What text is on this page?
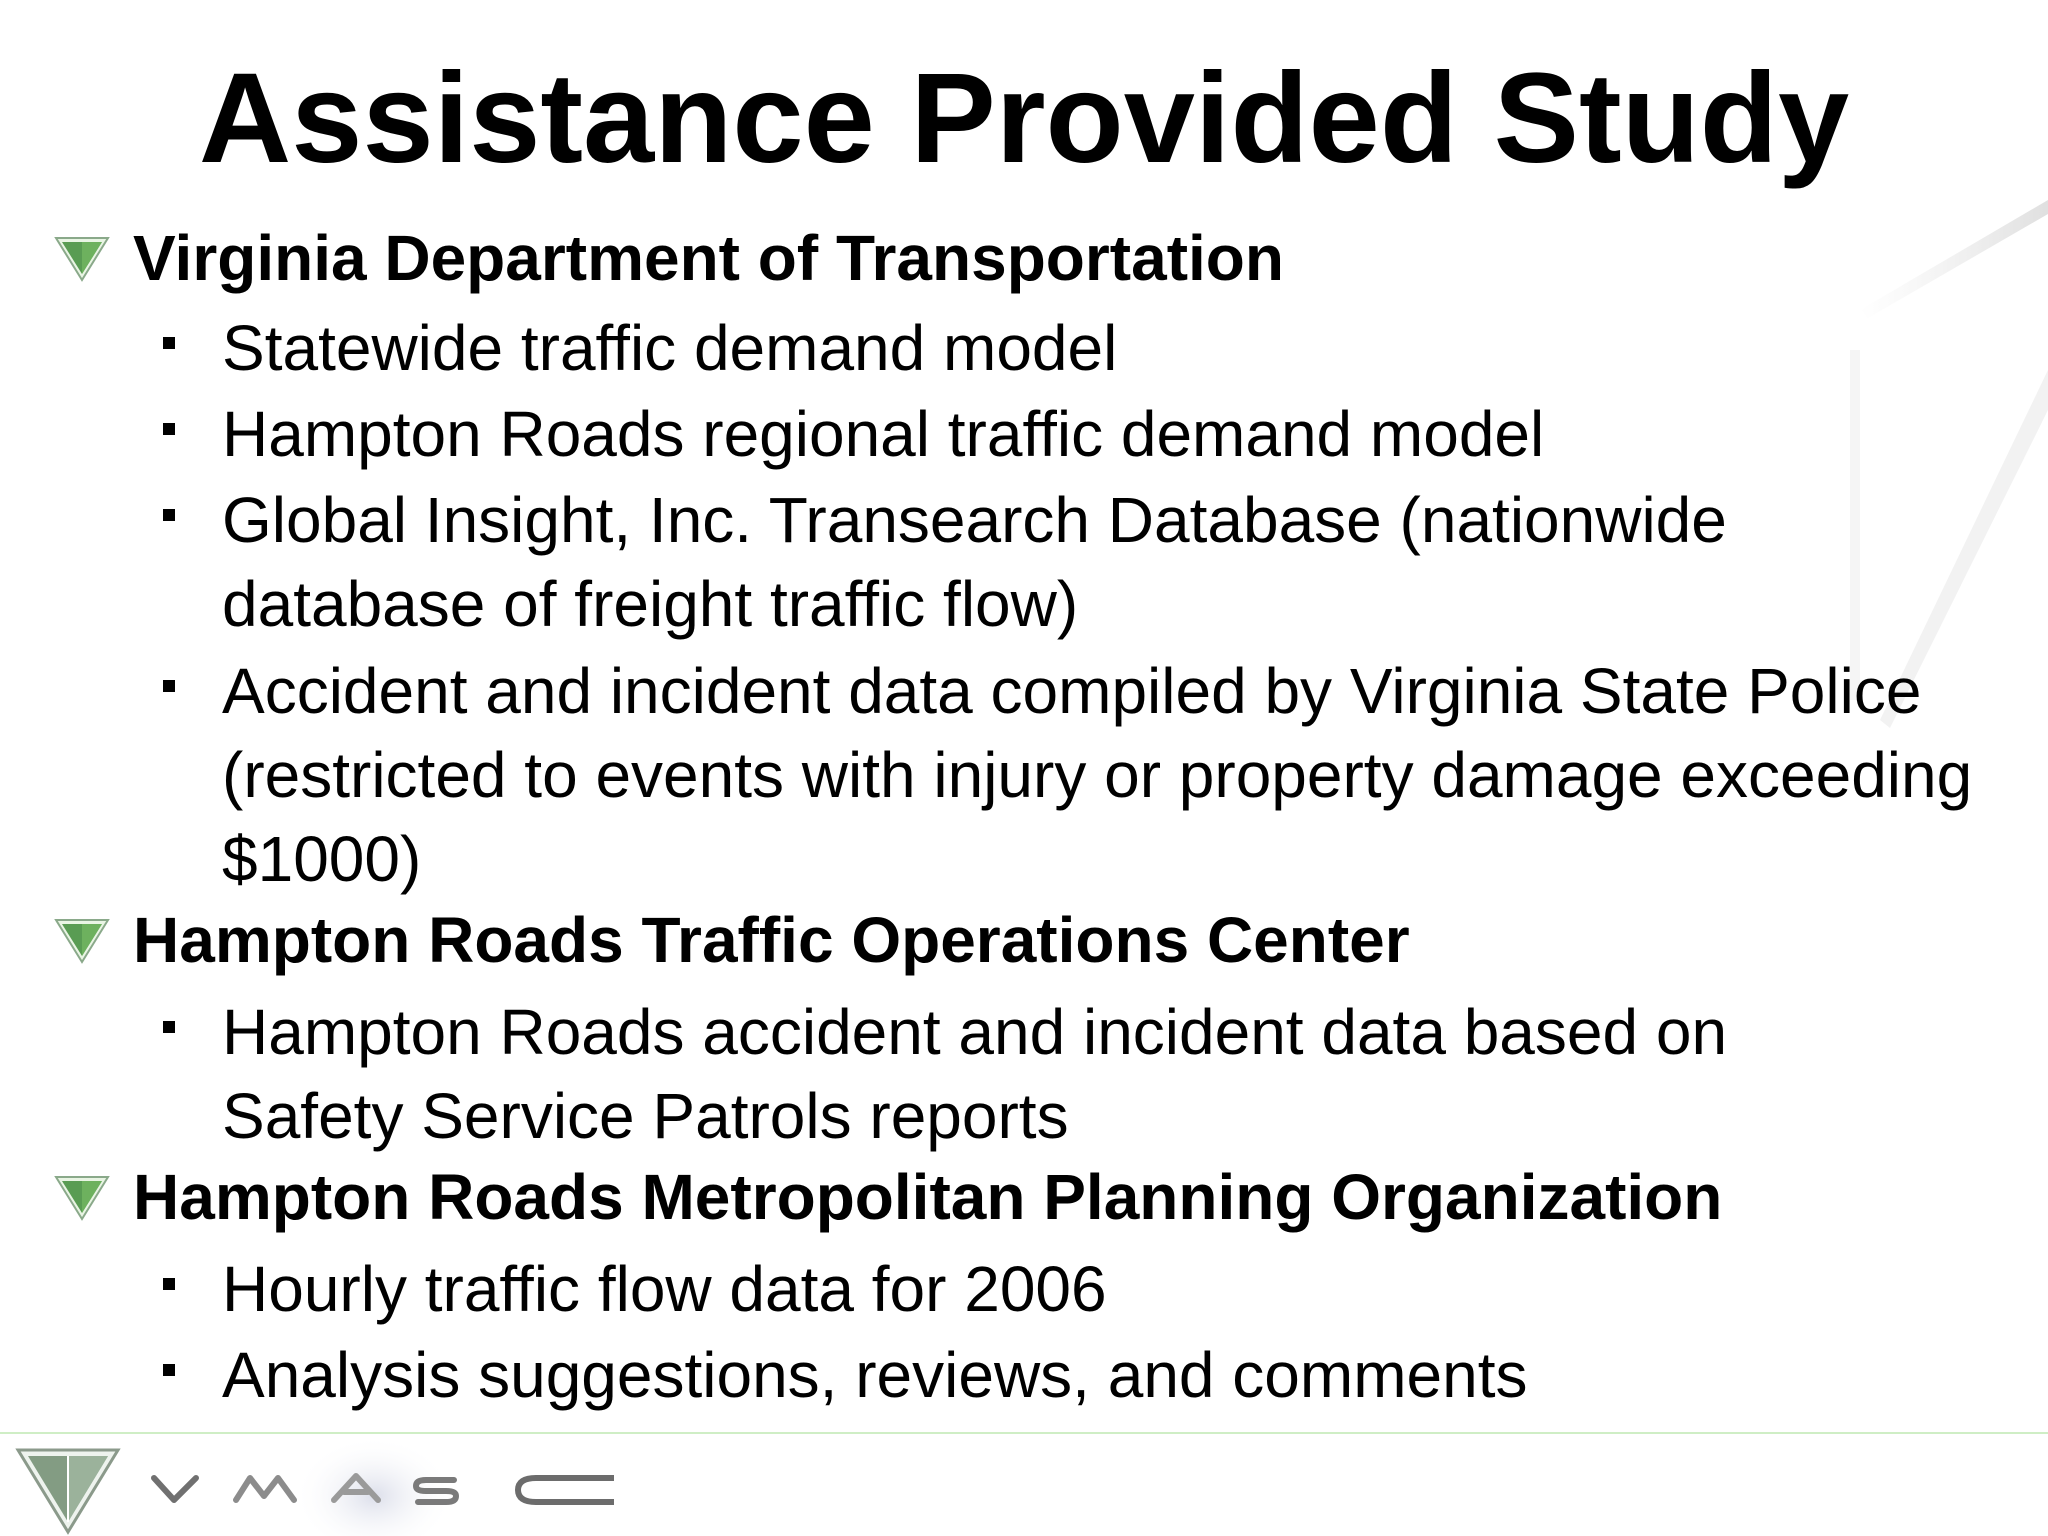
Assistance Provided Study
Virginia Department of Transportation
Statewide traffic demand model
Hampton Roads regional traffic demand model
Global Insight, Inc. Transearch Database (nationwide database of freight traffic flow)
Accident and incident data compiled by Virginia State Police (restricted to events with injury or property damage exceeding $1000)
Hampton Roads Traffic Operations Center
Hampton Roads accident and incident data based on Safety Service Patrols reports
Hampton Roads Metropolitan Planning Organization
Hourly traffic flow data for 2006
Analysis suggestions, reviews, and comments
